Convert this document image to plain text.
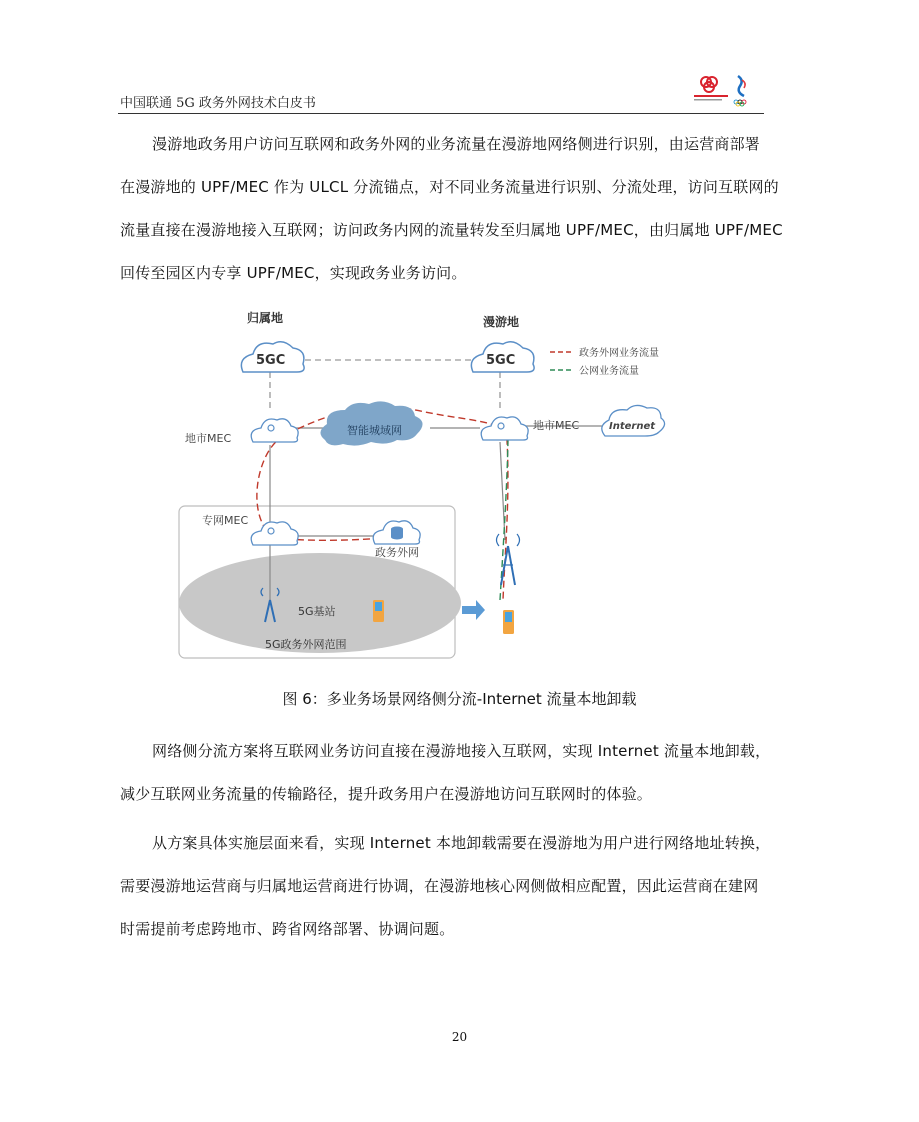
中国联通 5G 政务外网技术白皮书
漫游地政务用户访问互联网和政务外网的业务流量在漫游地网络侧进行识别，由运营商部署
在漫游地的 UPF/MEC 作为 ULCL 分流锚点，对不同业务流量进行识别、分流处理，访问互联网的
流量直接在漫游地接入互联网；访问政务内网的流量转发至归属地 UPF/MEC，由归属地 UPF/MEC
回传至园区内专享 UPF/MEC，实现政务业务访问。
归属地	漫游地
5GC	5GC	政务外网业务流量
公网业务流量
地市MEC
智能城域网	地市MEC	Internet
专网MEC
政务外网
5G基站
5G政务外网范围
图 6：多业务场景网络侧分流-Internet 流量本地卸载
网络侧分流方案将互联网业务访问直接在漫游地接入互联网，实现 Internet 流量本地卸载，
减少互联网业务流量的传输路径，提升政务用户在漫游地访问互联网时的体验。
从方案具体实施层面来看，实现 Internet 本地卸载需要在漫游地为用户进行网络地址转换，
需要漫游地运营商与归属地运营商进行协调，在漫游地核心网侧做相应配置，因此运营商在建网
时需提前考虑跨地市、跨省网络部署、协调问题。
20
